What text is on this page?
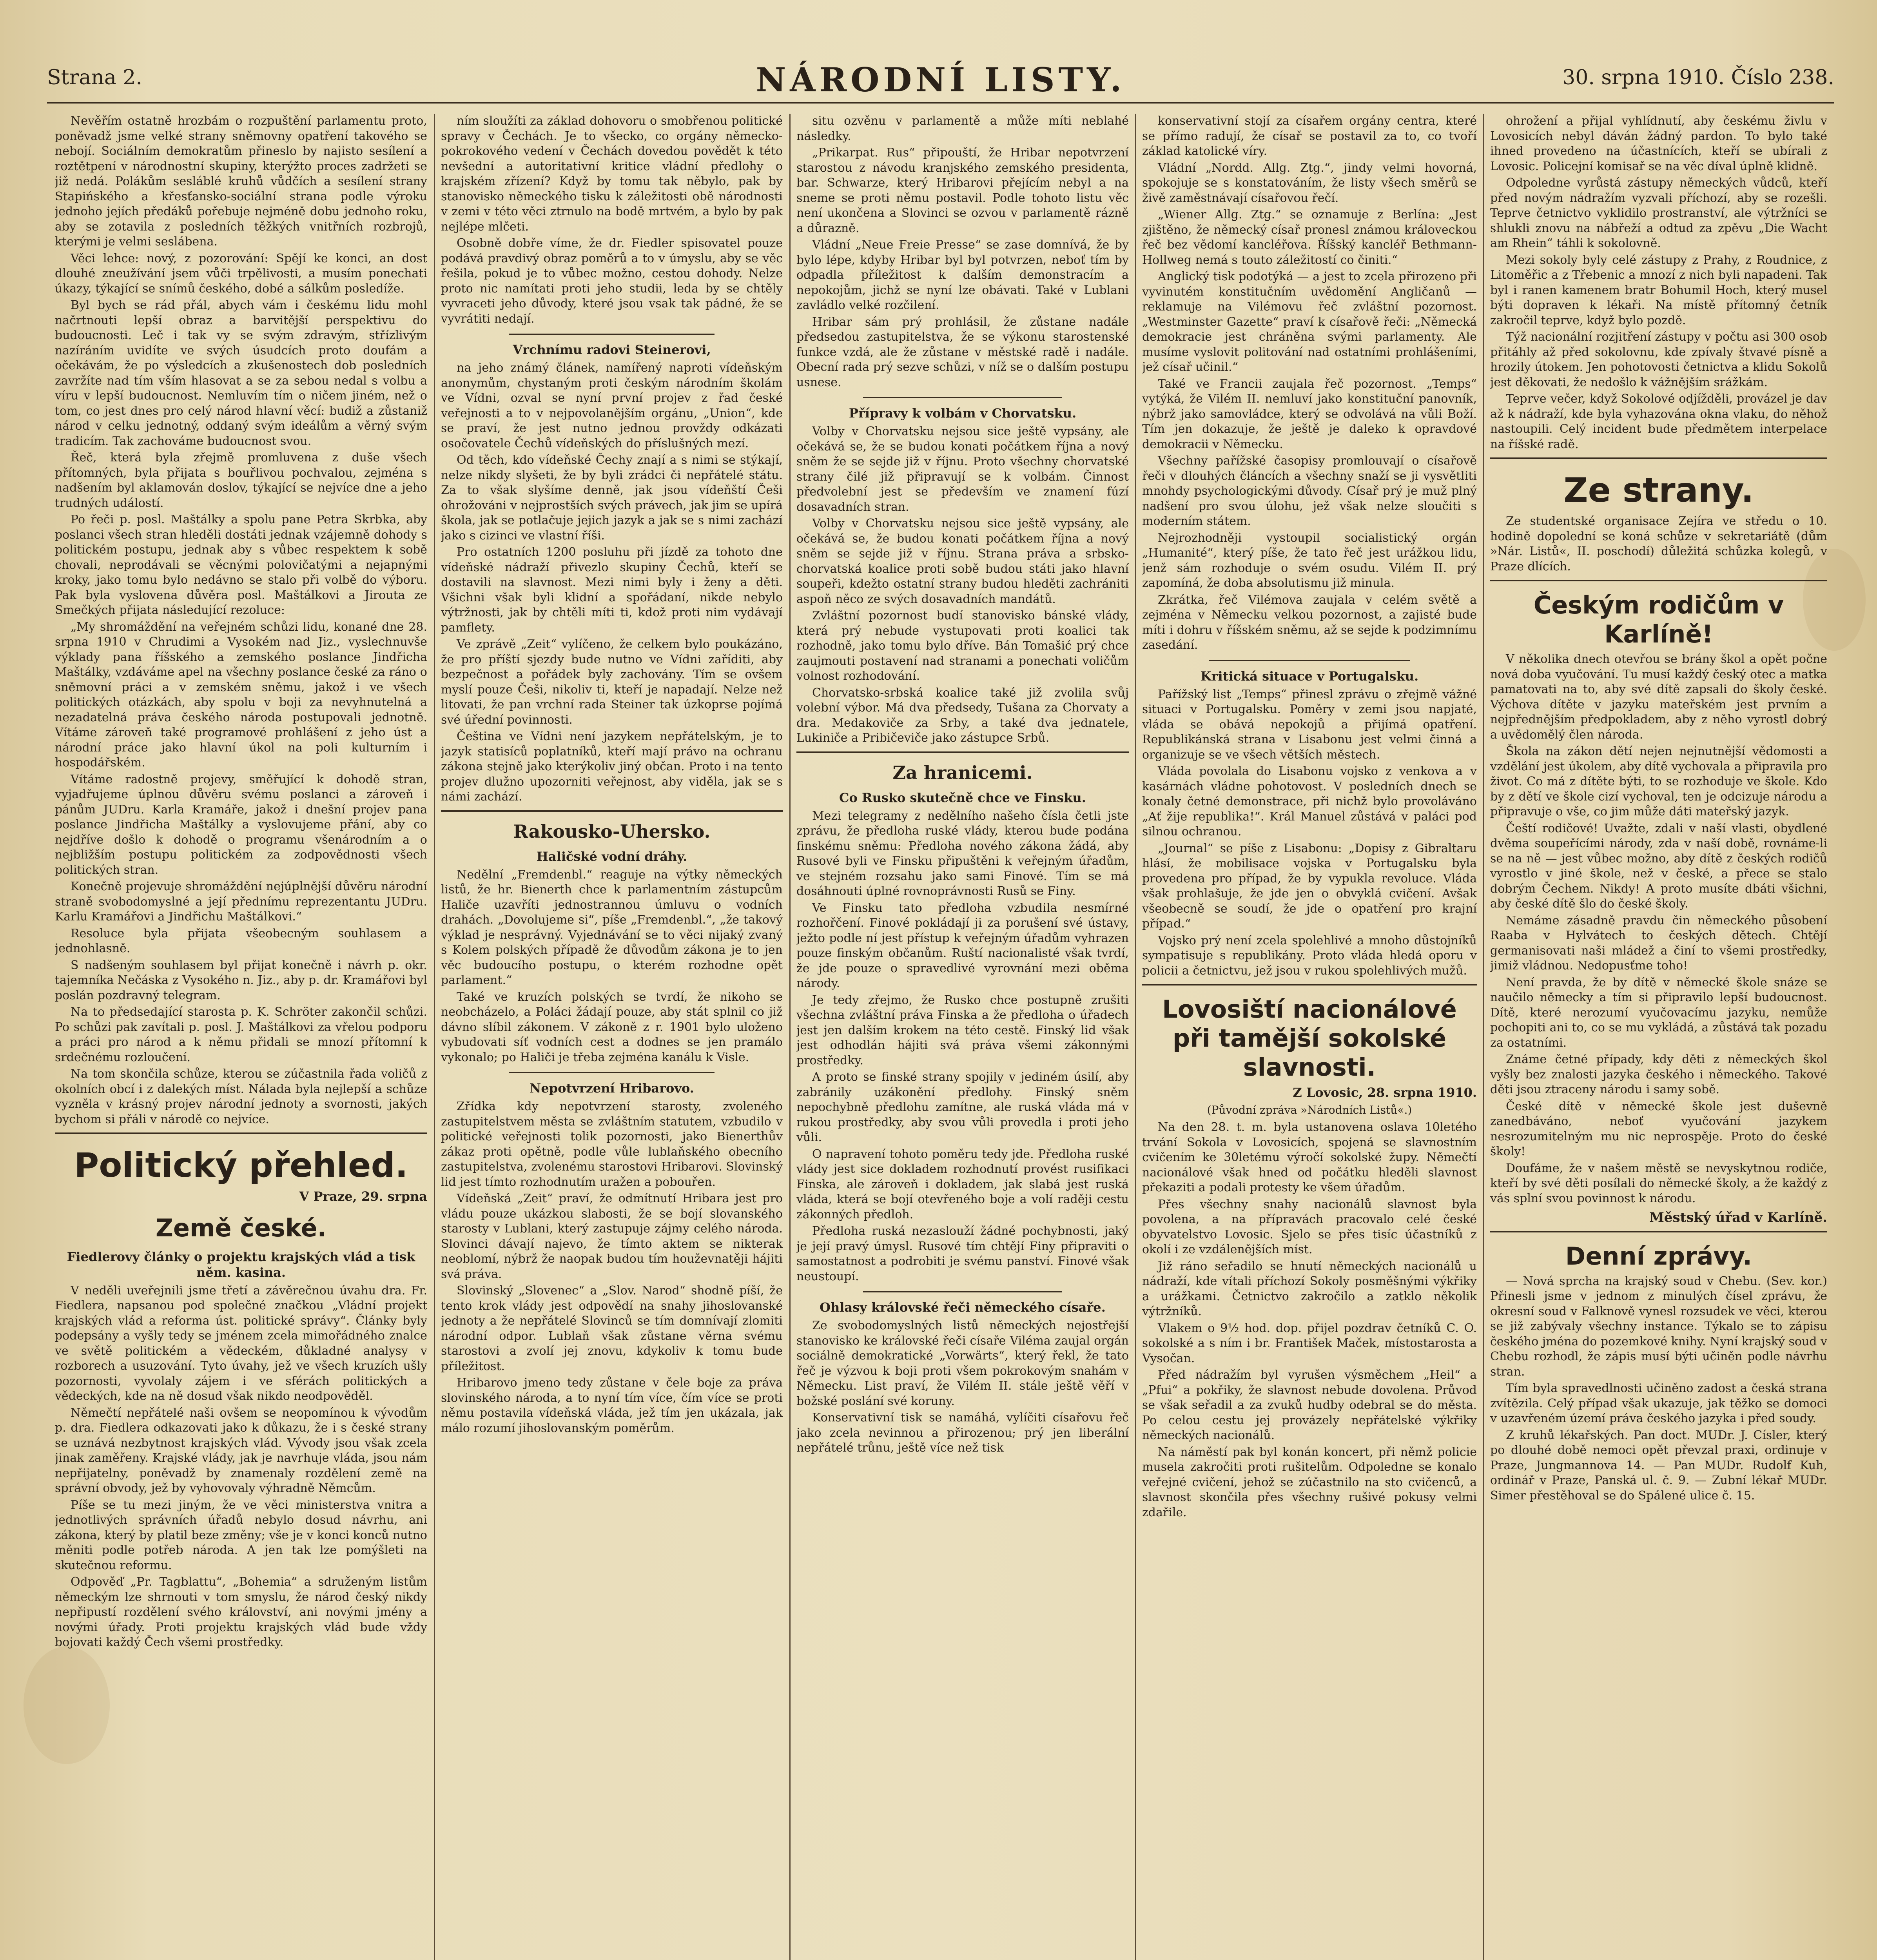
Strana 2.	NÁRODNÍ LISTY.	30. srpna 1910. Číslo 238.

Nevěřím ostatně hrozbám o rozpuštění parlamentu proto, poněvadž jsme velké strany sněmovny opatření takového se nebojí. Sociálním demokratům přineslo by najisto sesílení a roztětpení v národnostní skupiny, kterýžto proces zadržeti se již nedá. Polákům sesláblé kruhů vůdčích a sesílení strany Stapińského a křesťansko-sociální strana podle výroku jednoho jejích předáků pořebuje nejméně dobu jednoho roku, aby se zotavila z posledních těžkých vnitřních rozbrojů, kterými je velmi seslábena.

Věci lehce: nový, z pozorování: Spějí ke konci, an dost dlouhé zneužívání jsem vůči trpělivosti, a musím ponechati úkazy, týkající se snímů českého, dobé a sálkům posledíže.

Byl bych se rád přál, abych vám i českému lidu mohl načrtnouti lepší obraz a barvitější perspektivu do budoucnosti. Leč i tak vy se svým zdravým, střízlivým nazíráním uvidíte ve svých úsudcích proto doufám a očekávám, že po výsledcích a zkušenostech dob posledních zavržíte nad tím vším hlasovat a se za sebou nedal s volbu a víru v lepší budoucnost. Nemluvím tím o ničem jiném, než o tom, co jest dnes pro celý národ hlavní věcí: budiž a zůstaniž národ v celku jednotný, oddaný svým ideálům a věrný svým tradicím. Tak zachováme budoucnost svou.

Řeč, která byla zřejmě promluvena z duše všech přítomných, byla přijata s bouřlivou pochvalou, zejména s nadšením byl aklamován doslov, týkající se nejvíce dne a jeho trudných událostí.

Po řeči p. posl. Maštálky a spolu pane Petra Skrbka, aby poslanci všech stran hleděli dostáti jednak vzájemně dohody s politickém postupu, jednak aby s vůbec respektem k sobě chovali, neprodávali se věcnými polovičatými a nejapnými kroky, jako tomu bylo nedávno se stalo při volbě do výboru. Pak byla vyslovena důvěra posl. Maštálkovi a Jirouta ze Smečkých přijata následující rezoluce:

„My shromáždění na veřejném schůzi lidu, konané dne 28. srpna 1910 v Chrudimi a Vysokém nad Jiz., vyslechnuvše výklady pana říšského a zemského poslance Jindřicha Maštálky, vzdáváme apel na všechny poslance české za ráno o sněmovní práci a v zemském sněmu, jakož i ve všech politických otázkách, aby spolu v boji za nevyhnutelná a nezadatelná práva českého národa postupovali jednotně. Vítáme zároveň také programové prohlášení z jeho úst a národní práce jako hlavní úkol na poli kulturním i hospodářském.

Vítáme radostně projevy, směřující k dohodě stran, vyjadřujeme úplnou důvěru svému poslanci a zároveň i pánům JUDru. Karla Kramáře, jakož i dnešní projev pana poslance Jindřicha Maštálky a vyslovujeme přání, aby co nejdříve došlo k dohodě o programu všenárodním a o nejbližším postupu politickém za zodpovědnosti všech politických stran.

Konečně projevuje shromáždění nejúplnější důvěru národní straně svobodomyslné a její přednímu reprezentantu JUDru. Karlu Kramářovi a Jindřichu Maštálkovi.“

Resoluce byla přijata všeobecným souhlasem a jednohlasně.

S nadšeným souhlasem byl přijat konečně i návrh p. okr. tajemníka Nečáska z Vysokého n. Jiz., aby p. dr. Kramářovi byl poslán pozdravný telegram.

Na to předsedající starosta p. K. Schröter zakončil schůzi. Po schůzi pak zavítali p. posl. J. Maštálkovi za vřelou podporu a práci pro národ a k němu přidali se mnozí přítomní k srdečnému rozloučení.

Na tom skončila schůze, kterou se zúčastnila řada voličů z okolních obcí i z dalekých míst. Nálada byla nejlepší a schůze vyzněla v krásný projev národní jednoty a svornosti, jakých bychom si přáli v národě co nejvíce.

Politický přehled.
V Praze, 29. srpna
Země české.
Fiedlerovy články o projektu krajských vlád a tisk něm. kasina.

V neděli uveřejnili jsme třetí a závěrečnou úvahu dra. Fr. Fiedlera, napsanou pod společné značkou „Vládní projekt krajských vlád a reforma úst. politické správy“. Články byly podepsány a vyšly tedy se jménem zcela mimořádného znalce ve světě politickém a vědeckém, důkladné analysy v rozborech a usuzování. Tyto úvahy, jež ve všech kruzích ušly pozornosti, vyvolaly zájem i ve sférách politických a vědeckých, kde na ně dosud však nikdo neodpověděl.

Němečtí nepřátelé naši ovšem se neopomínou k vývodům p. dra. Fiedlera odkazovati jako k důkazu, že i s české strany se uznává nezbytnost krajských vlád. Vývody jsou však zcela jinak zaměřeny. Krajské vlády, jak je navrhuje vláda, jsou nám nepřijatelny, poněvadž by znamenaly rozdělení země na správní obvody, jež by vyhovovaly výhradně Němcům.

Píše se tu mezi jiným, že ve věci ministerstva vnitra a jednotlivých správních úřadů nebylo dosud návrhu, ani zákona, který by platil beze změny; vše je v konci konců nutno měniti podle potřeb národa. A jen tak lze pomýšleti na skutečnou reformu.

Odpověď „Pr. Tagblattu“, „Bohemia“ a sdruženým listům německým lze shrnouti v tom smyslu, že národ český nikdy nepřipustí rozdělení svého království, ani novými jmény a novými úřady. Proti projektu krajských vlád bude vždy bojovati každý Čech všemi prostředky.

ním sloužíti za základ dohovoru o smobřenou politické spravy v Čechách. Je to všecko, co orgány německo-pokrokového vedení v Čechách dovedou povědět k této nevšední a autoritativní kritice vládní předlohy o krajském zřízení? Když by tomu tak něbylo, pak by stanovisko německého tisku k záležitosti obě národnosti v zemi v této věci ztrnulo na bodě mrtvém, a bylo by pak nejlépe mlčeti.

Osobně dobře víme, že dr. Fiedler spisovatel pouze podává pravdivý obraz poměrů a to v úmyslu, aby se věc řešila, pokud je to vůbec možno, cestou dohody. Nelze proto nic namítati proti jeho studii, leda by se chtěly vyvraceti jeho důvody, které jsou vsak tak pádné, že se vyvrátiti nedají.

Vrchnímu radovi Steinerovi,

na jeho známý článek, namířený naproti vídeňským anonymům, chystaným proti českým národním školám ve Vídni, ozval se nyní první projev z řad české veřejnosti a to v nejpovolanějším orgánu, „Union“, kde se praví, že jest nutno jednou provždy odkázati osočovatele Čechů vídeňských do příslušných mezí.

Od těch, kdo vídeňské Čechy znají a s nimi se stýkají, nelze nikdy slyšeti, že by byli zrádci či nepřátelé státu. Za to však slyšíme denně, jak jsou vídeňští Češi ohrožováni v nejprostších svých právech, jak jim se upírá škola, jak se potlačuje jejich jazyk a jak se s nimi zachází jako s cizinci ve vlastní říši.

Pro ostatních 1200 posluhu při jízdě za tohoto dne vídeňské nádraží přivezlo skupiny Čechů, kteří se dostavili na slavnost. Mezi nimi byly i ženy a děti. Všichni však byli klidní a spořádaní, nikde nebylo výtržnosti, jak by chtěli míti ti, kdož proti nim vydávají pamflety.

Ve zprávě „Zeit“ vylíčeno, že celkem bylo poukázáno, že pro příští sjezdy bude nutno ve Vídni zaříditi, aby bezpečnost a pořádek byly zachovány. Tím se ovšem myslí pouze Češi, nikoliv ti, kteří je napadají. Nelze než litovati, že pan vrchní rada Steiner tak úzkoprse pojímá své úřední povinnosti.

Čeština ve Vídni není jazykem nepřátelským, je to jazyk statisíců poplatníků, kteří mají právo na ochranu zákona stejně jako kterýkoliv jiný občan. Proto i na tento projev dlužno upozorniti veřejnost, aby viděla, jak se s námi zachází.

Rakousko-Uhersko.
Haličské vodní dráhy.

Nedělní „Fremdenbl.“ reaguje na výtky německých listů, že hr. Bienerth chce k parlamentním zástupcům Haliče uzavříti jednostrannou úmluvu o vodních drahách. „Dovolujeme si“, píše „Fremdenbl.“, „že takový výklad je nesprávný. Vyjednávání se to věci nijaký zvaný s Kolem polských případě že důvodům zákona je to jen věc budoucího postupu, o kterém rozhodne opět parlament.“

Také ve kruzích polských se tvrdí, že nikoho se neobcházelo, a Poláci žádají pouze, aby stát splnil co již dávno slíbil zákonem. V zákoně z r. 1901 bylo uloženo vybudovati síť vodních cest a dodnes se jen pramálo vykonalo; po Haliči je třeba zejména kanálu k Visle.

Nepotvrzení Hribarovo.

Zřídka kdy nepotvrzení starosty, zvoleného zastupitelstvem města se zvláštním statutem, vzbudilo v politické veřejnosti tolik pozornosti, jako Bienerthův zákaz proti opětně, podle vůle lublaňského obecního zastupitelstva, zvolenému starostovi Hribarovi. Slovinský lid jest tímto rozhodnutím uražen a pobouřen.

Vídeňská „Zeit“ praví, že odmítnutí Hribara jest pro vládu pouze ukázkou slabosti, že se bojí slovanského starosty v Lublani, který zastupuje zájmy celého národa. Slovinci dávají najevo, že tímto aktem se nikterak neoblomí, nýbrž že naopak budou tím houževnatěji hájiti svá práva.

Slovinský „Slovenec“ a „Slov. Narod“ shodně píší, že tento krok vlády jest odpovědí na snahy jihoslovanské jednoty a že nepřátelé Slovinců se tím domnívají zlomiti národní odpor. Lublaň však zůstane věrna svému starostovi a zvolí jej znovu, kdykoliv k tomu bude příležitost.

Hribarovo jmeno tedy zůstane v čele boje za práva slovinského národa, a to nyní tím více, čím více se proti němu postavila vídeňská vláda, jež tím jen ukázala, jak málo rozumí jihoslovanským poměrům.

situ ozvěnu v parlamentě a může míti neblahé následky.

„Prikarpat. Rus“ připouští, že Hribar nepotvrzení starostou z návodu kranjského zemského presidenta, bar. Schwarze, který Hribarovi přejícím nebyl a na sneme se proti němu postavil. Podle tohoto listu věc není ukončena a Slovinci se ozvou v parlamentě rázně a důrazně.

Vládní „Neue Freie Presse“ se zase domnívá, že by bylo lépe, kdyby Hribar byl byl potvrzen, neboť tím by odpadla příležitost k dalším demonstracím a nepokojům, jichž se nyní lze obávati. Také v Lublani zavládlo velké rozčilení.

Hribar sám prý prohlásil, že zůstane nadále předsedou zastupitelstva, že se výkonu starostenské funkce vzdá, ale že zůstane v městské radě i nadále. Obecní rada prý sezve schůzi, v níž se o dalším postupu usnese.

Přípravy k volbám v Chorvatsku.

Volby v Chorvatsku nejsou sice ještě vypsány, ale očekává se, že se budou konati počátkem října a nový sněm že se sejde již v říjnu. Proto všechny chorvatské strany čilé již připravují se k volbám. Činnost předvolební jest se především ve znamení fúzí dosavadních stran.

Volby v Chorvatsku nejsou sice ještě vypsány, ale očekává se, že budou konati počátkem října a nový sněm se sejde již v říjnu. Strana práva a srbsko-chorvatská koalice proti sobě budou státi jako hlavní soupeři, kdežto ostatní strany budou hleděti zachrániti aspoň něco ze svých dosavadních mandátů.

Zvláštní pozornost budí stanovisko bánské vlády, která prý nebude vystupovati proti koalici tak rozhodně, jako tomu bylo dříve. Bán Tomašić prý chce zaujmouti postavení nad stranami a ponechati voličům volnost rozhodování.

Chorvatsko-srbská koalice také již zvolila svůj volební výbor. Má dva předsedy, Tušana za Chorvaty a dra. Medakoviče za Srby, a také dva jednatele, Lukiniče a Pribičeviče jako zástupce Srbů.

Za hranicemi.
Co Rusko skutečně chce ve Finsku.

Mezi telegramy z nedělního našeho čísla četli jste zprávu, že předloha ruské vlády, kterou bude podána finskému sněmu: Předloha nového zákona žádá, aby Rusové byli ve Finsku připuštěni k veřejným úřadům, ve stejném rozsahu jako sami Finové. Tím se má dosáhnouti úplné rovnoprávnosti Rusů se Finy.

Ve Finsku tato předloha vzbudila nesmírné rozhořčení. Finové pokládají ji za porušení své ústavy, ježto podle ní jest přístup k veřejným úřadům vyhrazen pouze finským občanům. Ruští nacionalisté však tvrdí, že jde pouze o spravedlivé vyrovnání mezi oběma národy.

Je tedy zřejmo, že Rusko chce postupně zrušiti všechna zvláštní práva Finska a že předloha o úřadech jest jen dalším krokem na této cestě. Finský lid však jest odhodlán hájiti svá práva všemi zákonnými prostředky.

A proto se finské strany spojily v jediném úsilí, aby zabránily uzákonění předlohy. Finský sněm nepochybně předlohu zamítne, ale ruská vláda má v rukou prostředky, aby svou vůli provedla i proti jeho vůli.

O napravení tohoto poměru tedy jde. Předloha ruské vlády jest sice dokladem rozhodnutí provést rusifikaci Finska, ale zároveň i dokladem, jak slabá jest ruská vláda, která se bojí otevřeného boje a volí raději cestu zákonných předloh.

Předloha ruská nezaslouží žádné pochybnosti, jaký je její pravý úmysl. Rusové tím chtějí Finy připraviti o samostatnost a podrobiti je svému panství. Finové však neustoupí.

Ohlasy královské řeči německého císaře.

Ze svobodomyslných listů německých nejostřejší stanovisko ke královské řeči císaře Viléma zaujal orgán sociálně demokratické „Vorwärts“, který řekl, že tato řeč je výzvou k boji proti všem pokrokovým snahám v Německu. List praví, že Vilém II. stále ještě věří v božské poslání své koruny.

Konservativní tisk se namáhá, vylíčiti císařovu řeč jako zcela nevinnou a přirozenou; prý jen liberální nepřátelé trůnu, ještě více než tisk

konservativní stojí za císařem orgány centra, které se přímo radují, že císař se postavil za to, co tvoří základ katolické víry.

Vládní „Nordd. Allg. Ztg.“, jindy velmi hovorná, spokojuje se s konstatováním, že listy všech směrů se živě zaměstnávají císařovou řečí.

„Wiener Allg. Ztg.“ se oznamuje z Berlína: „Jest zjištěno, že německý císař pronesl známou královeckou řeč bez vědomí kancléřova. Říšský kancléř Bethmann-Hollweg nemá s touto záležitostí co činiti.“

Anglický tisk podotýká — a jest to zcela přirozeno při vyvinutém konstitučním uvědomění Angličanů — reklamuje na Vilémovu řeč zvláštní pozornost. „Westminster Gazette“ praví k císařově řeči: „Německá demokracie jest chráněna svými parlamenty. Ale musíme vyslovit politování nad ostatními prohlášeními, jež císař učinil.“

Také ve Francii zaujala řeč pozornost. „Temps“ vytýká, že Vilém II. nemluví jako konstituční panovník, nýbrž jako samovládce, který se odvolává na vůli Boží. Tím jen dokazuje, že ještě je daleko k opravdové demokracii v Německu.

Všechny pařížské časopisy promlouvají o císařově řeči v dlouhých článcích a všechny snaží se ji vysvětliti mnohdy psychologickými důvody. Císař prý je muž plný nadšení pro svou úlohu, jež však nelze sloučiti s moderním státem.

Nejrozhodněji vystoupil socialistický orgán „Humanité“, který píše, že tato řeč jest urážkou lidu, jenž sám rozhoduje o svém osudu. Vilém II. prý zapomíná, že doba absolutismu již minula.

Zkrátka, řeč Vilémova zaujala v celém světě a zejména v Německu velkou pozornost, a zajisté bude míti i dohru v říšském sněmu, až se sejde k podzimnímu zasedání.

Kritická situace v Portugalsku.

Pařížský list „Temps“ přinesl zprávu o zřejmě vážné situaci v Portugalsku. Poměry v zemi jsou napjaté, vláda se obává nepokojů a přijímá opatření. Republikánská strana v Lisabonu jest velmi činná a organizuje se ve všech větších městech.

Vláda povolala do Lisabonu vojsko z venkova a v kasárnách vládne pohotovost. V posledních dnech se konaly četné demonstrace, při nichž bylo provoláváno „Ať žije republika!“. Král Manuel zůstává v paláci pod silnou ochranou.

„Journal“ se píše z Lisabonu: „Dopisy z Gibraltaru hlásí, že mobilisace vojska v Portugalsku byla provedena pro případ, že by vypukla revoluce. Vláda však prohlašuje, že jde jen o obvyklá cvičení. Avšak všeobecně se soudí, že jde o opatření pro krajní případ.“

Vojsko prý není zcela spolehlivé a mnoho důstojníků sympatisuje s republikány. Proto vláda hledá oporu v policii a četnictvu, jež jsou v rukou spolehlivých mužů.

Lovosiští nacionálové při tamější sokolské slavnosti.
Z Lovosic, 28. srpna 1910.
(Původní zpráva »Národních Listů«.)

Na den 28. t. m. byla ustanovena oslava 10letého trvání Sokola v Lovosicích, spojená se slavnostním cvičením ke 30letému výročí sokolské župy. Němečtí nacionálové však hned od počátku hleděli slavnost překaziti a podali protesty ke všem úřadům.

Přes všechny snahy nacionálů slavnost byla povolena, a na přípravách pracovalo celé české obyvatelstvo Lovosic. Sjelo se přes tisíc účastníků z okolí i ze vzdálenějších míst.

Již ráno seřadilo se hnutí německých nacionálů u nádraží, kde vítali příchozí Sokoly posměšnými výkřiky a urážkami. Četnictvo zakročilo a zatklo několik výtržníků.

Vlakem o 9½ hod. dop. přijel pozdrav četníků C. O. sokolské a s ním i br. František Maček, místostarosta a Vysočan.

Před nádražím byl vyrušen výsměchem „Heil“ a „Pfui“ a pokřiky, že slavnost nebude dovolena. Průvod se však seřadil a za zvuků hudby odebral se do města. Po celou cestu jej provázely nepřátelské výkřiky německých nacionálů.

Na náměstí pak byl konán koncert, při němž policie musela zakročiti proti rušitelům. Odpoledne se konalo veřejné cvičení, jehož se zúčastnilo na sto cvičenců, a slavnost skončila přes všechny rušivé pokusy velmi zdařile.

ohrožení a přijal vyhlídnutí, aby českému živlu v Lovosicích nebyl dáván žádný pardon. To bylo také ihned provedeno na účastnících, kteří se ubírali z Lovosic. Policejní komisař se na věc díval úplně klidně.

Odpoledne vyrůstá zástupy německých vůdců, kteří před novým nádražím vyzvali příchozí, aby se rozešli. Teprve četnictvo vyklidilo prostranství, ale výtržníci se shlukli znovu na nábřeží a odtud za zpěvu „Die Wacht am Rhein“ táhli k sokolovně.

Mezi sokoly byly celé zástupy z Prahy, z Roudnice, z Litoměřic a z Třebenic a mnozí z nich byli napadeni. Tak byl i ranen kamenem bratr Bohumil Hoch, který musel býti dopraven k lékaři. Na místě přítomný četník zakročil teprve, když bylo pozdě.

Týž nacionální rozjitření zástupy v počtu asi 300 osob přitáhly až před sokolovnu, kde zpívaly štvavé písně a hrozily útokem. Jen pohotovosti četnictva a klidu Sokolů jest děkovati, že nedošlo k vážnějším srážkám.

Teprve večer, když Sokolové odjížděli, provázel je dav až k nádraží, kde byla vyhazována okna vlaku, do něhož nastoupili. Celý incident bude předmětem interpelace na říšské radě.

Ze strany.

Ze studentské organisace Zejíra ve středu o 10. hodině dopolední se koná schůze v sekretariátě (dům »Nár. Listů«, II. poschodí) důležitá schůzka kolegů, v Praze dlících.

Českým rodičům v Karlíně!

V několika dnech otevřou se brány škol a opět počne nová doba vyučování. Tu musí každý český otec a matka pamatovati na to, aby své dítě zapsali do školy české. Výchova dítěte v jazyku mateřském jest prvním a nejpřednějším předpokladem, aby z něho vyrostl dobrý a uvědomělý člen národa.

Škola na zákon dětí nejen nejnutnější vědomosti a vzdělání jest úkolem, aby dítě vychovala a připravila pro život. Co má z dítěte býti, to se rozhoduje ve škole. Kdo by z dětí ve škole cizí vychoval, ten je odcizuje národu a připravuje o vše, co jim může dáti mateřský jazyk.

Čeští rodičové! Uvažte, zdali v naší vlasti, obydlené dvěma soupeřícími národy, zda v naší době, rovnáme-li se na ně — jest vůbec možno, aby dítě z českých rodičů vyrostlo v jiné škole, než v české, a přece se stalo dobrým Čechem. Nikdy! A proto musíte dbáti všichni, aby české dítě šlo do české školy.

Nemáme zásadně pravdu čin německého působení Raaba v Hylvátech to českých dětech. Chtějí germanisovati naši mládež a činí to všemi prostředky, jimiž vládnou. Nedopusťme toho!

Není pravda, že by dítě v německé škole snáze se naučilo německy a tím si připravilo lepší budoucnost. Dítě, které nerozumí vyučovacímu jazyku, nemůže pochopiti ani to, co se mu vykládá, a zůstává tak pozadu za ostatními.

Známe četné případy, kdy děti z německých škol vyšly bez znalosti jazyka českého i německého. Takové děti jsou ztraceny národu i samy sobě.

České dítě v německé škole jest duševně zanedbáváno, neboť vyučování jazykem nesrozumitelným mu nic neprospěje. Proto do české školy!

Doufáme, že v našem městě se nevyskytnou rodiče, kteří by své děti posílali do německé školy, a že každý z vás splní svou povinnost k národu.

Městský úřad v Karlíně.
Denní zprávy.

— Nová sprcha na krajský soud v Chebu. (Sev. kor.) Přinesli jsme v jednom z minulých čísel zprávu, že okresní soud v Falknově vynesl rozsudek ve věci, kterou se již zabývaly všechny instance. Týkalo se to zápisu českého jména do pozemkové knihy. Nyní krajský soud v Chebu rozhodl, že zápis musí býti učiněn podle návrhu stran.

Tím byla spravedlnosti učiněno zadost a česká strana zvítězila. Celý případ však ukazuje, jak těžko se domoci v uzavřeném území práva českého jazyka i před soudy.

Z kruhů lékařských. Pan doct. MUDr. J. Císler, který po dlouhé době nemoci opět převzal praxi, ordinuje v Praze, Jungmannova 14. — Pan MUDr. Rudolf Kuh, ordinář v Praze, Panská ul. č. 9. — Zubní lékař MUDr. Simer přestěhoval se do Spálené ulice č. 15.
